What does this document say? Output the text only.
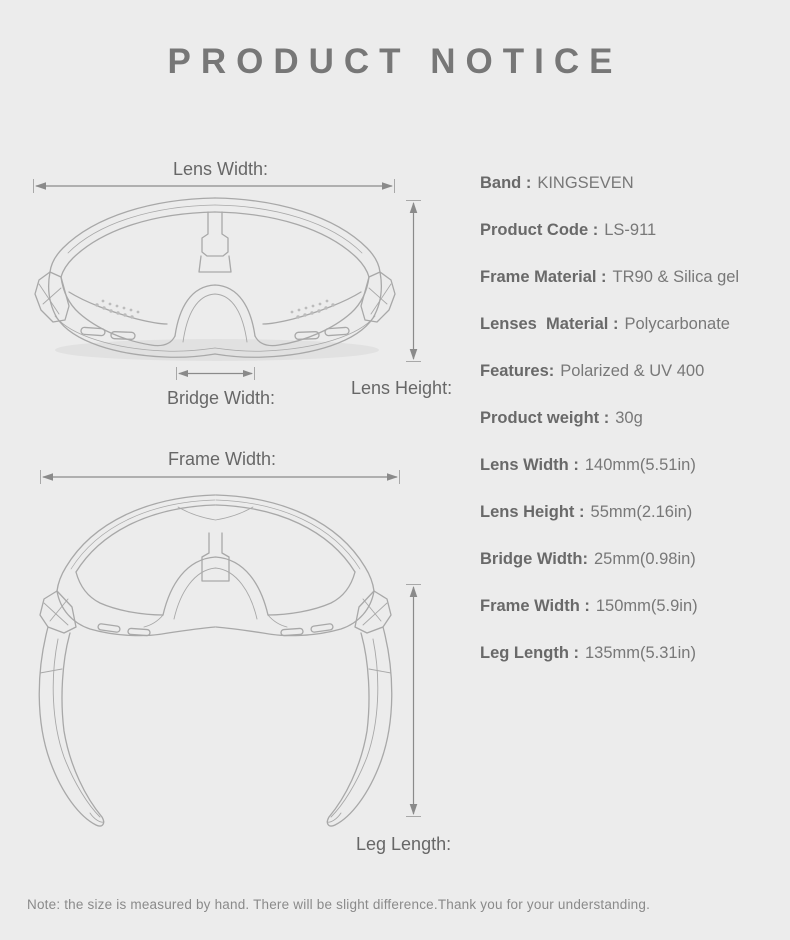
PRODUCT NOTICE
Lens Width:
Bridge Width:	Lens Height:
Frame Width:
Leg Length:
Band : KINGSEVEN
Product Code : LS-911
Frame Material : TR90 & Silica gel
Lenses  Material : Polycarbonate
Features: Polarized & UV 400
Product weight : 30g
Lens Width : 140mm(5.51in)
Lens Height : 55mm(2.16in)
Bridge Width: 25mm(0.98in)
Frame Width : 150mm(5.9in)
Leg Length : 135mm(5.31in)
Note: the size is measured by hand. There will be slight difference.Thank you for your understanding.
